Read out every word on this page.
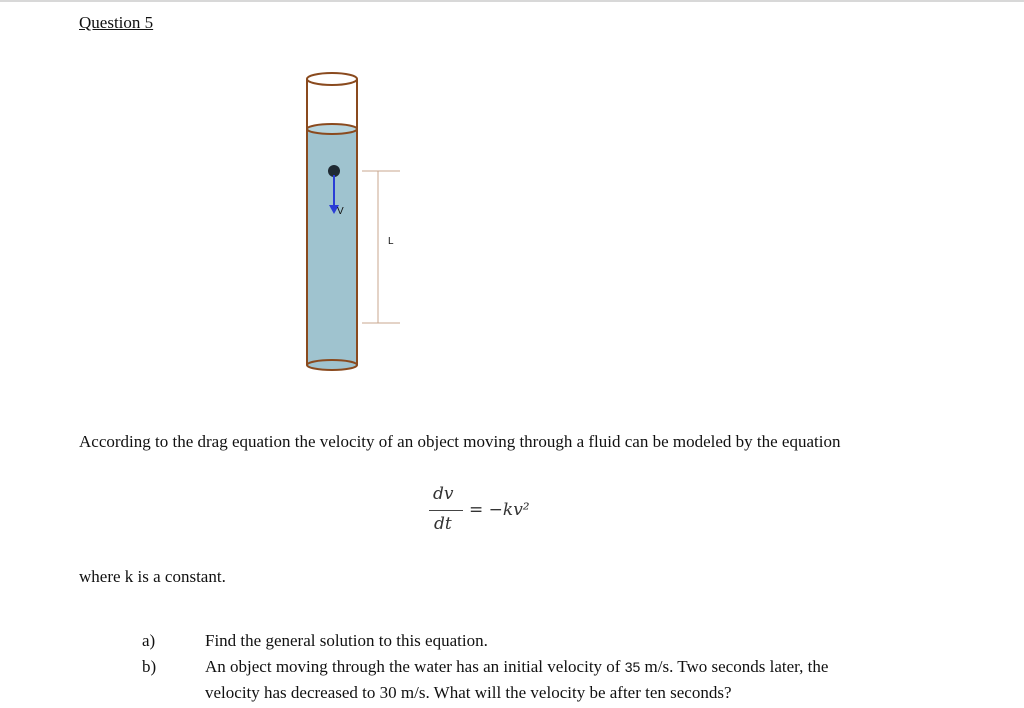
Question 5
V
L
According to the drag equation the velocity of an object moving through a fluid can be modeled by the equation
dv
dt
= −kv²
where k is a constant.
a)	Find the general solution to this equation.
b)	An object moving through the water has an initial velocity of 35 m/s. Two seconds later, the
velocity has decreased to 30 m/s. What will the velocity be after ten seconds?
